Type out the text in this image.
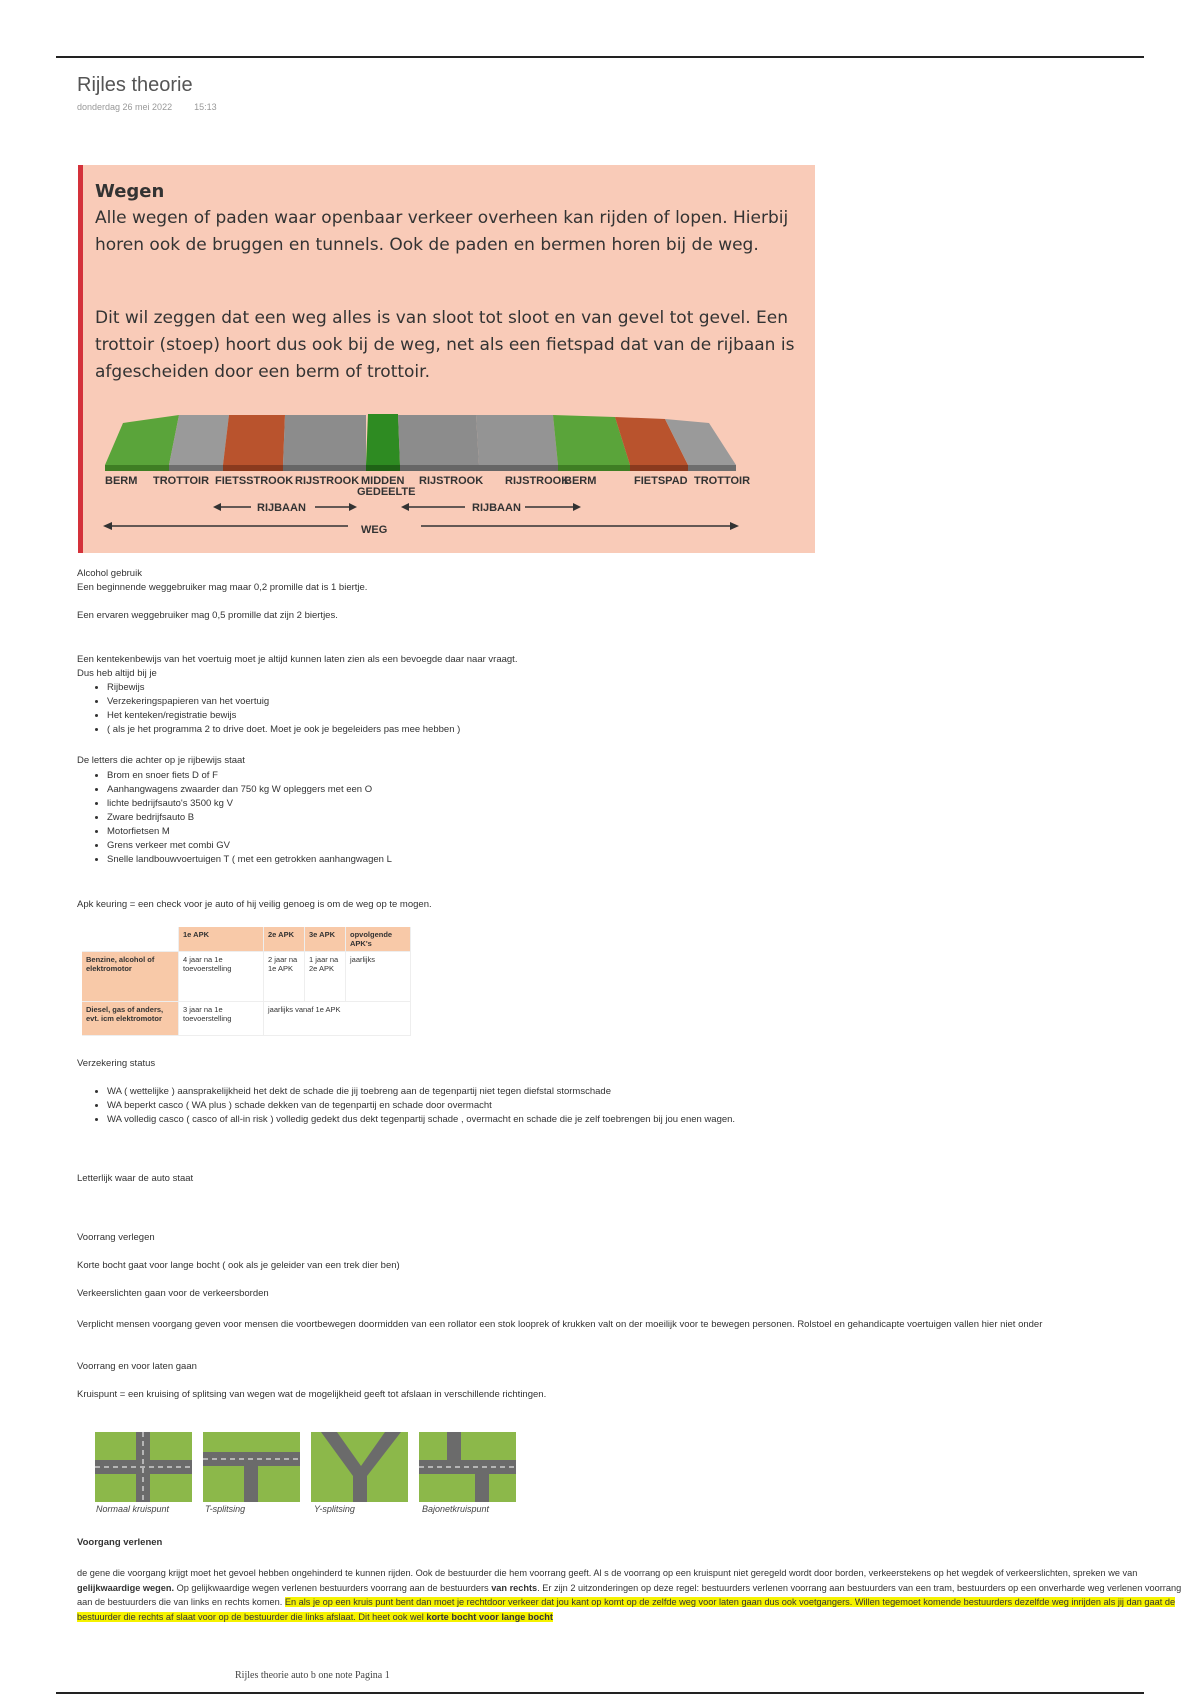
Rijles theorie
donderdag 26 mei 2022 15:13
Wegen
Alle wegen of paden waar openbaar verkeer overheen kan rijden of lopen. Hierbij horen ook de bruggen en tunnels. Ook de paden en bermen horen bij de weg.
Dit wil zeggen dat een weg alles is van sloot tot sloot en van gevel tot gevel. Een trottoir (stoep) hoort dus ook bij de weg, net als een fietspad dat van de rijbaan is afgescheiden door een berm of trottoir.
BERM TROTTOIR FIETSSTROOK RIJSTROOK MIDDEN
GEDEELTE
RIJSTROOK RIJSTROOK
BERM	FIETSPAD TROTTOIR
RIJBAAN	RIJBAAN
WEG
Alcohol gebruik
Een beginnende weggebruiker mag maar 0,2 promille dat is 1 biertje.
Een ervaren weggebruiker mag 0,5 promille dat zijn 2 biertjes.
Een kentekenbewijs van het voertuig moet je altijd kunnen laten zien als een bevoegde daar naar vraagt.
Dus heb altijd bij je
• Rijbewijs
• Verzekeringspapieren van het voertuig
• Het kenteken/registratie bewijs
• ( als je het programma 2 to drive doet. Moet je ook je begeleiders pas mee hebben )
De letters die achter op je rijbewijs staat
• Brom en snoer fiets D of F
• Aanhangwagens zwaarder dan 750 kg W opleggers met een O
• lichte bedrijfsauto's 3500 kg V
• Zware bedrijfsauto B
• Motorfietsen M
• Grens verkeer met combi GV
• Snelle landbouwvoertuigen T ( met een getrokken aanhangwagen L
Apk keuring = een check voor je auto of hij veilig genoeg is om de weg op te mogen.
	1e APK	2e APK	3e APK	opvolgende APK's
Benzine, alcohol of elektromotor	4 jaar na 1e toevoerstelling	2 jaar na 1e APK	1 jaar na 2e APK	jaarlijks
Diesel, gas of anders, evt. icm elektromotor	3 jaar na 1e toevoerstelling	jaarlijks vanaf 1e APK		
Verzekering status
• WA ( wettelijke ) aansprakelijkheid het dekt de schade die jij toebreng aan de tegenpartij niet tegen diefstal stormschade
• WA beperkt casco ( WA plus ) schade dekken van de tegenpartij en schade door overmacht
• WA volledig casco ( casco of all-in risk ) volledig gedekt dus dekt tegenpartij schade , overmacht en schade die je zelf toebrengen bij jou enen wagen.
Letterlijk waar de auto staat
Voorrang verlegen
Korte bocht gaat voor lange bocht ( ook als je geleider van een trek dier ben)
Verkeerslichten gaan voor de verkeersborden
Verplicht mensen voorgang geven voor mensen die voortbewegen doormidden van een rollator een stok looprek of krukken valt on der moeilijk voor te bewegen personen. Rolstoel en gehandicapte voertuigen vallen hier niet onder
Voorrang en voor laten gaan
Kruispunt = een kruising of splitsing van wegen wat de mogelijkheid geeft tot afslaan in verschillende richtingen.
Normaal kruispunt	T-splitsing	Y-splitsing	Bajonetkruispunt
Voorgang verlenen
de gene die voorgang krijgt moet het gevoel hebben ongehinderd te kunnen rijden. Ook de bestuurder die hem voorrang geeft. Al s de voorrang op een kruispunt niet geregeld wordt door borden, verkeerstekens op het wegdek of verkeerslichten, spreken we van gelijkwaardige wegen. Op gelijkwaardige wegen verlenen bestuurders voorrang aan de bestuurders van rechts. Er zijn 2 uitzonderingen op deze regel: bestuurders verlenen voorrang aan bestuurders van een tram, bestuurders op een onverharde weg verlenen voorrang aan de bestuurders die van links en rechts komen. En als je op een kruis punt bent dan moet je rechtdoor verkeer dat jou kant op komt op de zelfde weg voor laten gaan dus ook voetgangers. Willen tegemoet komende bestuurders dezelfde weg inrijden als jij dan gaat de bestuurder die rechts af slaat voor op de bestuurder die links afslaat. Dit heet ook wel korte bocht voor lange bocht
Rijles theorie auto b one note Pagina 1
